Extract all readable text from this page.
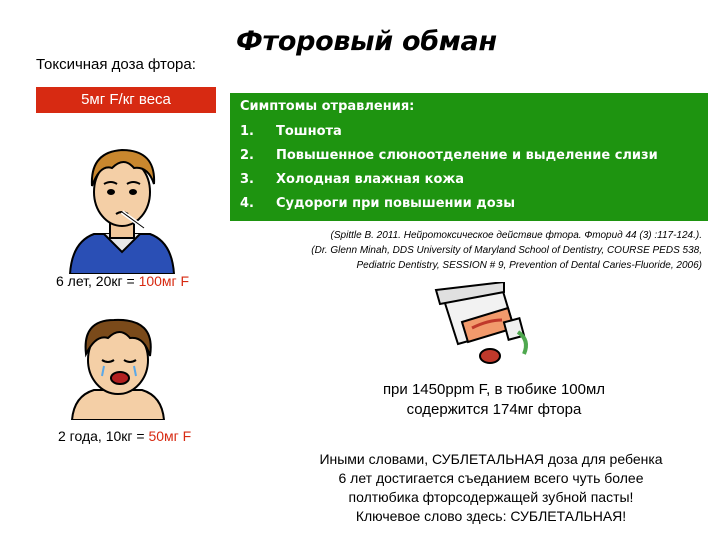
Фторовый обман
Токсичная доза фтора:
5мг F/кг веса	Симптомы отравления:
1. Тошнота
2. Повышенное слюноотделение и выделение слизи
3. Холодная влажная кожа
4. Судороги при повышении дозы
(Spittle B. 2011. Нейротоксическое действие фтора. Фторид 44 (3) :117-124.).
(Dr. Glenn Minah, DDS University of Maryland School of Dentistry, COURSE PEDS 538,
Pediatric Dentistry, SESSION # 9, Prevention of Dental Caries-Fluoride, 2006)
6 лет, 20кг = 100мг F
2 года, 10кг = 50мг F
при 1450ppm F, в тюбике 100мл
содержится 174мг фтора
Иными словами, СУБЛЕТАЛЬНАЯ доза для ребенка
6 лет достигается съеданием всего чуть более
полтюбика фторсодержащей зубной пасты!
Ключевое слово здесь: СУБЛЕТАЛЬНАЯ!
